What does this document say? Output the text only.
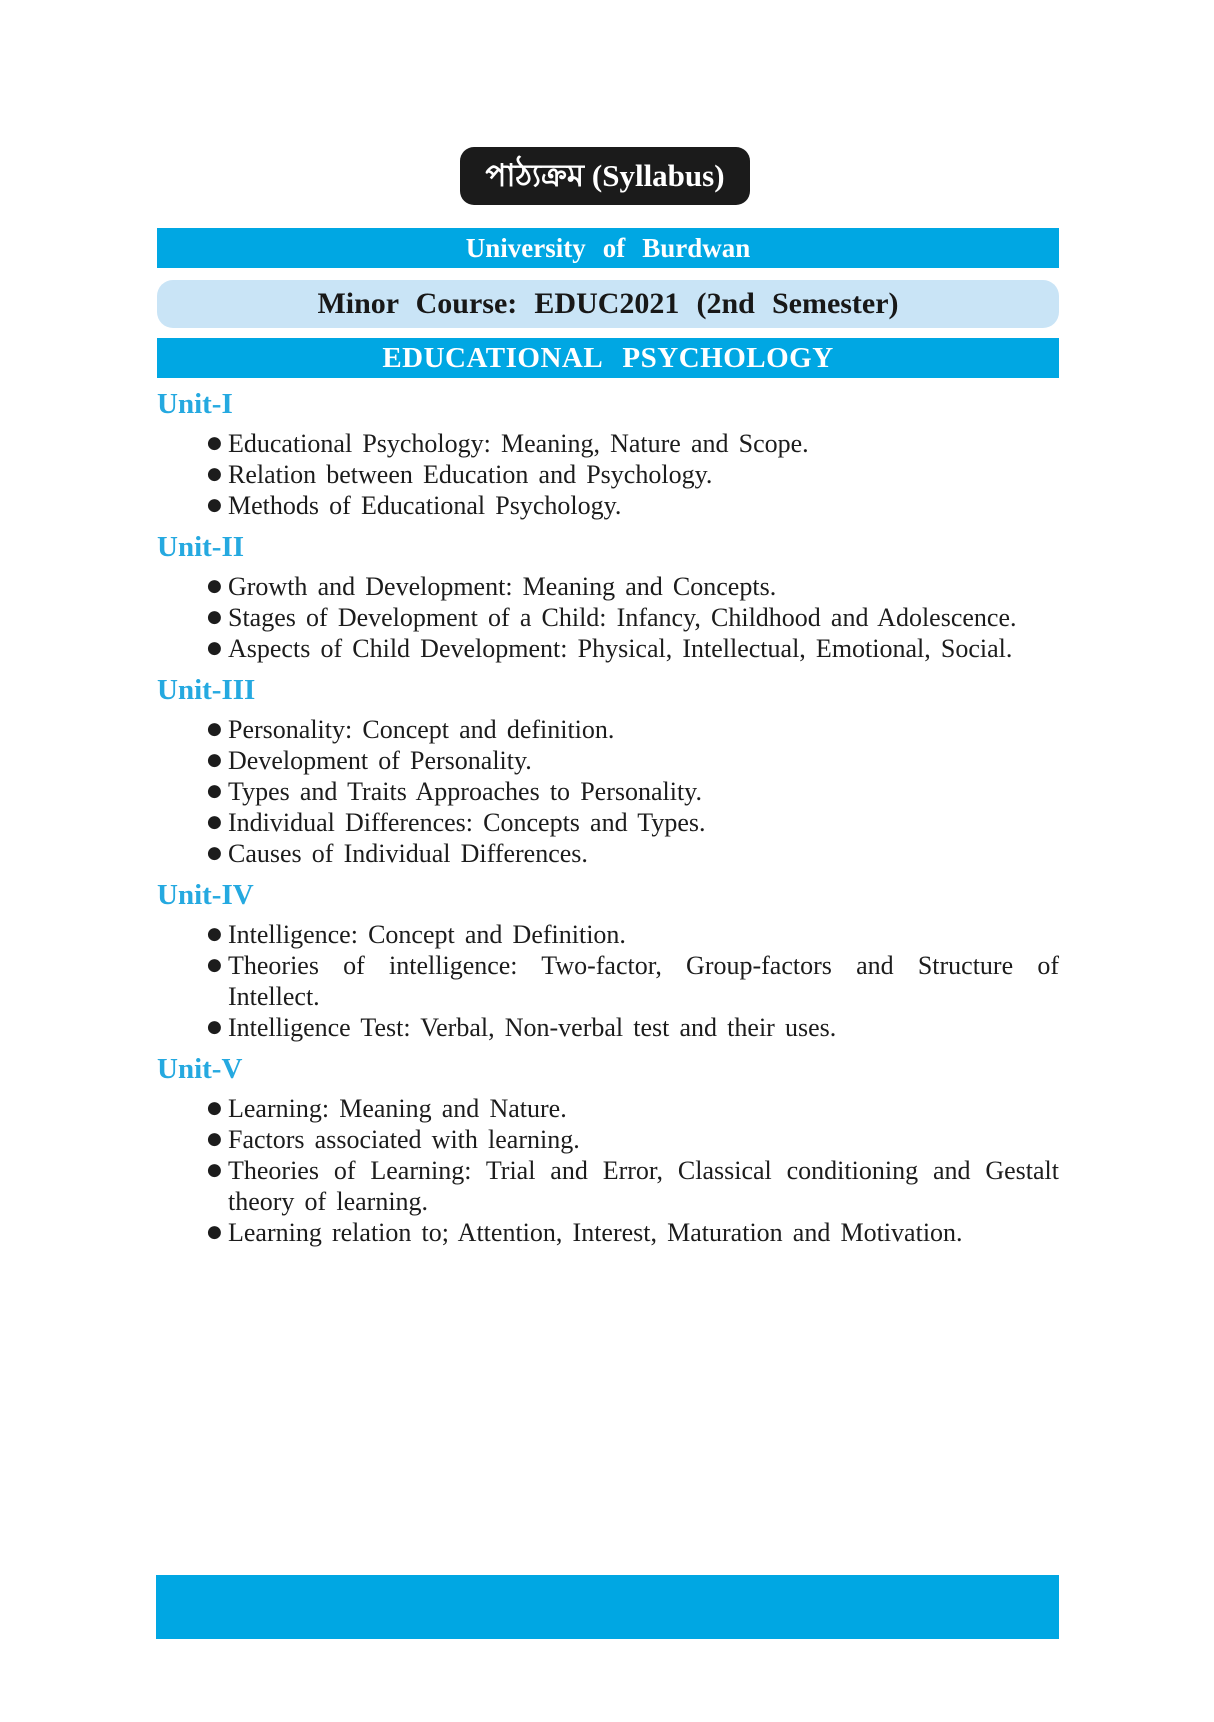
পাঠ্যক্রম (Syllabus)
University of Burdwan
Minor Course: EDUC2021 (2nd Semester)
EDUCATIONAL PSYCHOLOGY
Unit-I
● Educational Psychology: Meaning, Nature and Scope.
● Relation between Education and Psychology.
● Methods of Educational Psychology.
Unit-II
● Growth and Development: Meaning and Concepts.
● Stages of Development of a Child: Infancy, Childhood and Adolescence.
● Aspects of Child Development: Physical, Intellectual, Emotional, Social.
Unit-III
● Personality: Concept and definition.
● Development of Personality.
● Types and Traits Approaches to Personality.
● Individual Differences: Concepts and Types.
● Causes of Individual Differences.
Unit-IV
● Intelligence: Concept and Definition.
● Theories of intelligence: Two-factor, Group-factors and Structure of Intellect.
● Intelligence Test: Verbal, Non-verbal test and their uses.
Unit-V
● Learning: Meaning and Nature.
● Factors associated with learning.
● Theories of Learning: Trial and Error, Classical conditioning and Gestalt theory of learning.
● Learning relation to; Attention, Interest, Maturation and Motivation.
